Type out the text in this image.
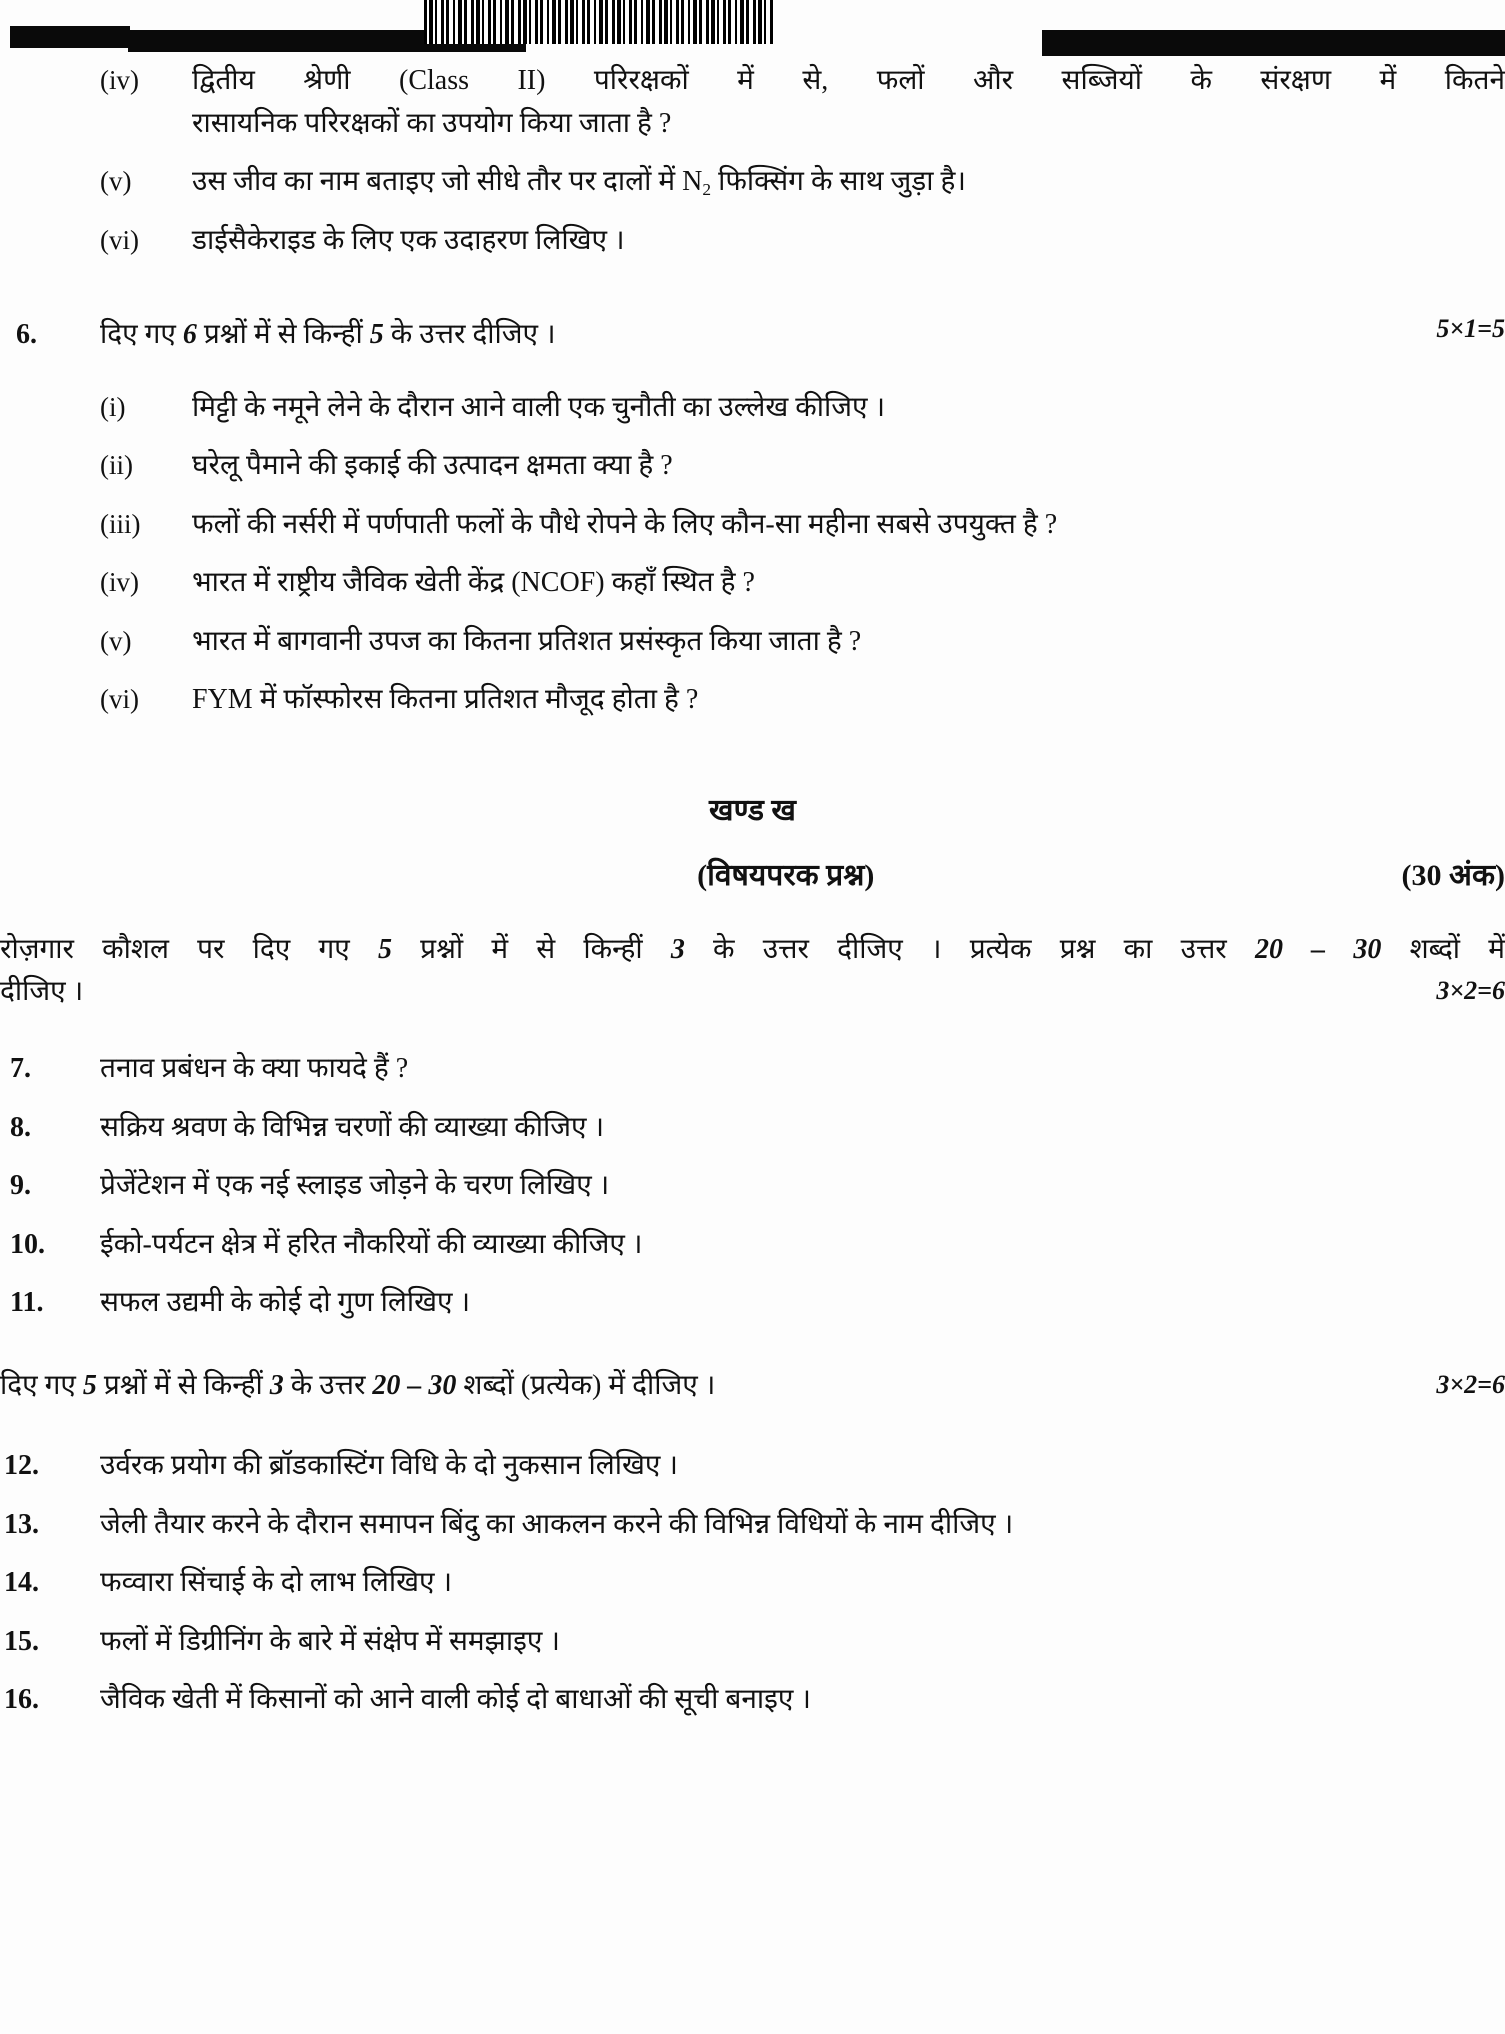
(iv)	द्वितीय श्रेणी (Class II) परिरक्षकों में से, फलों और सब्जियों के संरक्षण में कितने
रासायनिक परिरक्षकों का उपयोग किया जाता है ?
(v)	उस जीव का नाम बताइए जो सीधे तौर पर दालों में $N_2$ फिक्सिंग के साथ जुड़ा है।
(vi)	डाईसैकेराइड के लिए एक उदाहरण लिखिए ।
6.	दिए गए 6 प्रश्नों में से किन्हीं 5 के उत्तर दीजिए ।	5×1=5
(i)	मिट्टी के नमूने लेने के दौरान आने वाली एक चुनौती का उल्लेख कीजिए ।
(ii)	घरेलू पैमाने की इकाई की उत्पादन क्षमता क्या है ?
(iii)	फलों की नर्सरी में पर्णपाती फलों के पौधे रोपने के लिए कौन-सा महीना सबसे उपयुक्त है ?
(iv)	भारत में राष्ट्रीय जैविक खेती केंद्र (NCOF) कहाँ स्थित है ?
(v)	भारत में बागवानी उपज का कितना प्रतिशत प्रसंस्कृत किया जाता है ?
(vi)	FYM में फॉस्फोरस कितना प्रतिशत मौजूद होता है ?
खण्ड ख
(विषयपरक प्रश्न)	(30 अंक)
रोज़गार कौशल पर दिए गए 5 प्रश्नों में से किन्हीं 3 के उत्तर दीजिए । प्रत्येक प्रश्न का उत्तर 20 – 30 शब्दों में
दीजिए ।	3×2=6
7.	तनाव प्रबंधन के क्या फायदे हैं ?
8.	सक्रिय श्रवण के विभिन्न चरणों की व्याख्या कीजिए ।
9.	प्रेजेंटेशन में एक नई स्लाइड जोड़ने के चरण लिखिए ।
10.	ईको-पर्यटन क्षेत्र में हरित नौकरियों की व्याख्या कीजिए ।
11.	सफल उद्यमी के कोई दो गुण लिखिए ।
दिए गए 5 प्रश्नों में से किन्हीं 3 के उत्तर 20 – 30 शब्दों (प्रत्येक) में दीजिए ।	3×2=6
12.	उर्वरक प्रयोग की ब्रॉडकास्टिंग विधि के दो नुकसान लिखिए ।
13.	जेली तैयार करने के दौरान समापन बिंदु का आकलन करने की विभिन्न विधियों के नाम दीजिए ।
14.	फव्वारा सिंचाई के दो लाभ लिखिए ।
15.	फलों में डिग्रीनिंग के बारे में संक्षेप में समझाइए ।
16.	जैविक खेती में किसानों को आने वाली कोई दो बाधाओं की सूची बनाइए ।
